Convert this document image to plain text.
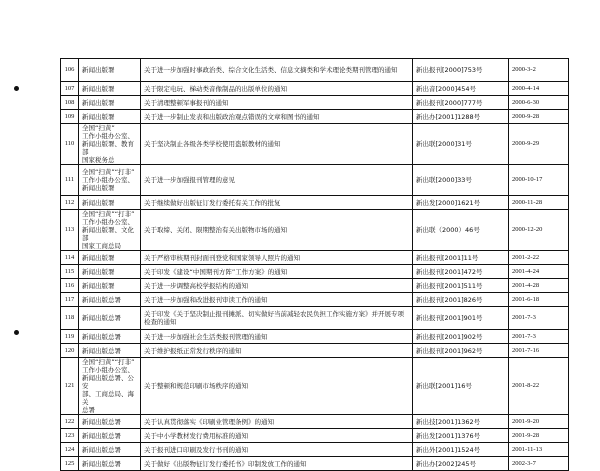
106	新闻出版署	关于进一步加强时事政治类、综合文化生活类、信息文摘类和学术理论类期刊管理的通知	新出报刊[2000]753号	2000-3-2
107	新闻出版署	关于限定电玩、梯动类音像制品的出版单位的通知	新出音[2000]454号	2000-4-14
108	新闻出版署	关于清理整顿军事报刊的通知	新出报刊[2000]777号	2000-6-30
109	新闻出版署	关于进一步制止发表和出版政治观点错误的文章和图书的通知	新出办[2001]1288号	2000-9-28
110	全国“扫黄”
工作小组办公室、
新闻出版署、教育部
国家税务总	关于坚决制止各级各类学校使用盗版教材的通知	新出联[2000]31号	2000-9-29
111	全国“扫黄”“打非”
工作小组办公室、
新闻出版署	关于进一步加强报刊管理的意见	新出联[2000]33号	2000-10-17
112	新闻出版署	关于继续做好出版征订发行委托有关工作的批复	新出发[2000]1621号	2000-11-28
113	全国“扫黄”“打非”
工作小组办公室、
新闻出版署、文化部
国家工商总局	关于取缔、关闭、限期整治有关出版物市场的通知	新出联（2000）46号	2000-12-20
114	新闻出版署	关于严格审核期刊封面刊登党和国家领导人照片的通知	新出报刊[2001]11号	2001-2-22
115	新闻出版署	关于印发《建设“中国期刊方阵”工作方案》的通知	新出报刊[2001]472号	2001-4-24
116	新闻出版署	关于进一步调整高校学报结构的通知	新出报刊[2001]511号	2001-4-28
117	新闻出版总署	关于进一步加强和改进报刊审读工作的通知	新出报刊[2001]826号	2001-6-18
118	新闻出版总署	关于印发《关于坚决制止报刊摊派、切实做好当前减轻农民负担工作实施方案》并开展专项检查的通知	新出报刊[2001]901号	2001-7-3
119	新闻出版总署	关于进一步加强社会生活类报刊管理的通知	新出报刊[2001]902号	2001-7-3
120	新闻出版总署	关于维护报纸正常发行秩序的通知	新出报刊[2001]962号	2001-7-16
121	全国“扫黄”“打非”
工作小组办公室、
新闻出版总署、公安
部、工商总局、海关
总署	关于整顿和规范印刷市场秩序的通知	新出联[2001]16号	2001-8-22
122	新闻出版总署	关于认真贯彻落实《印刷业管理条例》的通知	新出技[2001]1362号	2001-9-20
123	新闻出版总署	关于中小学教材发行费用标准的通知	新出发[2001]1376号	2001-9-28
124	新闻出版总署	关于报刊进口印刷及发行书刊的通知	新出外[2001]1524号	2001-11-13
125	新闻出版总署	关于做好《出版物征订发行委托书》印制发放工作的通知	新出办[2002]245号	2002-3-7
